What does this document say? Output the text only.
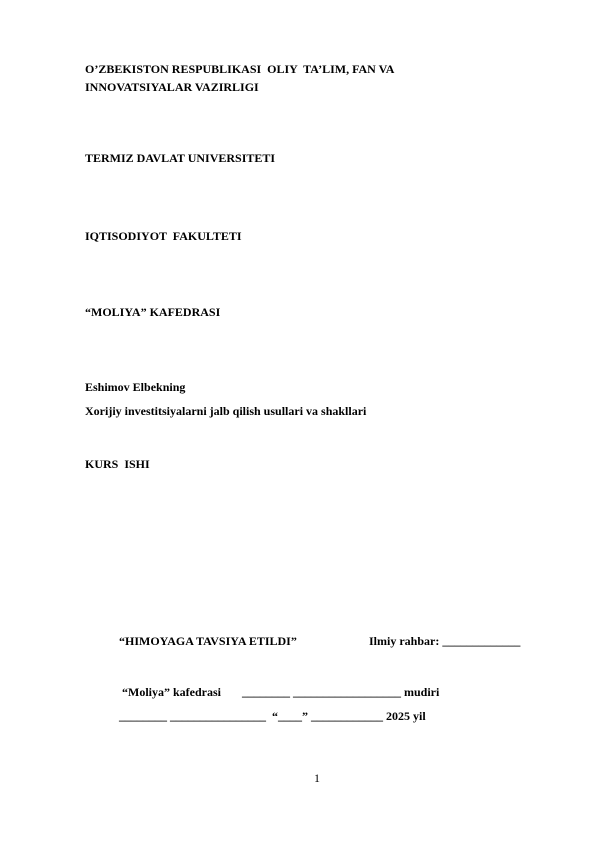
O’ZBEKISTON RESPUBLIKASI  OLIY  TA’LIM, FAN VA
INNOVATSIYALAR VAZIRLIGI
TERMIZ DAVLAT UNIVERSITETI
IQTISODIYOT  FAKULTETI
“MOLIYA” KAFEDRASI
Eshimov Elbekning
Xorijiy investitsiyalarni jalb qilish usullari va shakllari
KURS  ISHI
“HIMOYAGA TAVSIYA ETILDI”	Ilmiy rahbar: _____________
“Moliya” kafedrasi       ________ __________________ mudiri
________ ________________  “____” ____________ 2025 yil
1
